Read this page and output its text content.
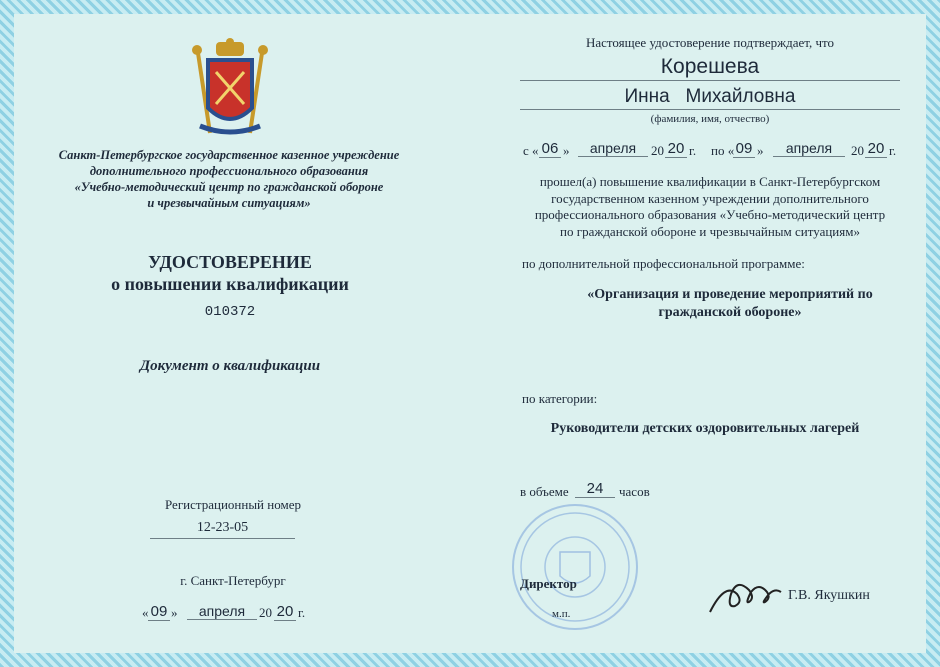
Санкт-Петербургское государственное казенное учреждение
дополнительного профессионального образования
«Учебно-методический центр по гражданской обороне
и чрезвычайным ситуациям»
УДОСТОВЕРЕНИЕ
о повышении квалификации
010372
Документ о квалификации
Регистрационный номер
12-23-05
г. Санкт-Петербург
« 09 »	апреля	20 20 г.
Настоящее удостоверение подтверждает, что
Корешева
Инна   Михайловна
(фамилия, имя, отчество)
с « 06 »	апреля	20 20 г. по « 09 »	апреля	20 20 г.
прошел(а) повышение квалификации в Санкт-Петербургском
государственном казенном учреждении дополнительного
профессионального образования «Учебно-методический центр
по гражданской обороне и чрезвычайным ситуациям»
по дополнительной профессиональной программе:
«Организация и проведение мероприятий по
гражданской обороне»
по категории:
Руководители детских оздоровительных лагерей
в объеме	24	часов
Директор
м.п.
Г.В. Якушкин
